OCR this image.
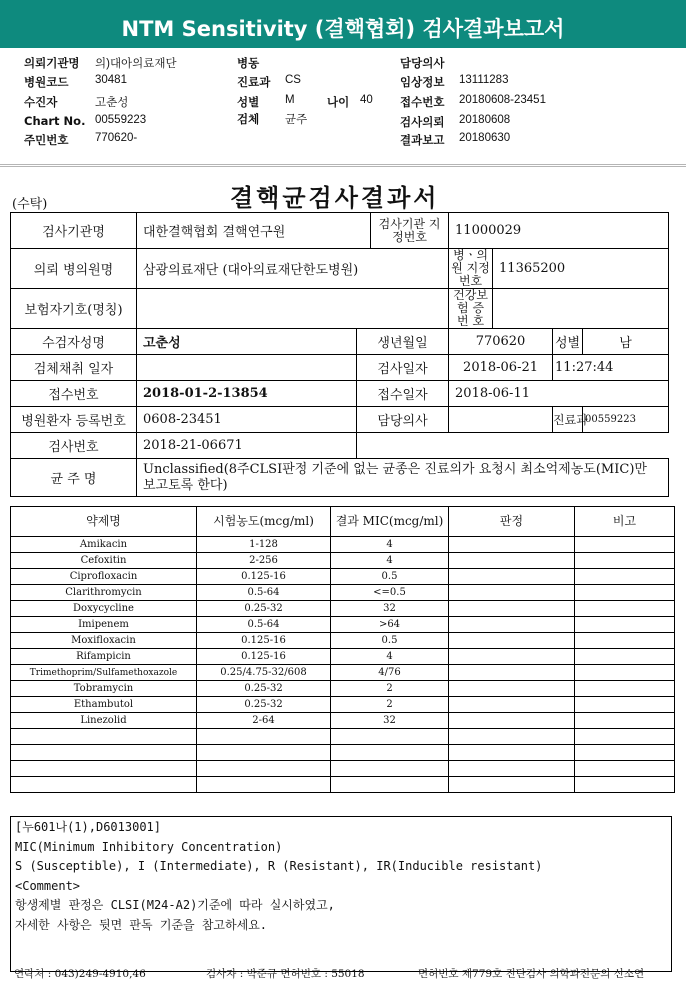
NTM Sensitivity (결핵협회) 검사결과보고서
의뢰기관명 의)대아의료재단	병동	담당의사
병원코드 30481	진료과 CS	임상정보 13111283
수진자	고춘성	성별 M	나이 40 접수번호 20180608-23451
Chart No. 00559223	검체 균주	검사의뢰 20180608
주민번호 770620-	결과보고 20180630
(수탁)	결핵균검사결과서
검사기관명	대한결핵협회 결핵연구원		검사기관 지정번호	11000029			
의뢰 병의원명	삼광의료재단 (대아의료재단한도병원)			병ㆍ의원 지정번호	11365200		
보험자기호(명칭)				건강보험 증 번 호			
수검자성명	고춘성	생년월일		770620		성별	남
검체채취 일자		검사일자		2018-06-21		11:27:44	
접수번호	2018-01-2-13854	접수일자		2018-06-11			
병원환자 등록번호	0608-23451	담당의사				진료과	00559223
검사번호	2018-21-06671						
균 주 명	Unclassified(8주CLSI판정 기준에 없는 균종은 진료의가 요청시 최소억제농도(MIC)만 보고토록 한다)						
약제명	시험농도(mcg/ml)	결과 MIC(mcg/ml)	판정	비고
Amikacin	1-128	4		
Cefoxitin	2-256	4		
Ciprofloxacin	0.125-16	0.5		
Clarithromycin	0.5-64	<=0.5		
Doxycycline	0.25-32	32		
Imipenem	0.5-64	>64		
Moxifloxacin	0.125-16	0.5		
Rifampicin	0.125-16	4		
Trimethoprim/Sulfamethoxazole	0.25/4.75-32/608	4/76		
Tobramycin	0.25-32	2		
Ethambutol	0.25-32	2		
Linezolid	2-64	32		

[누601나(1),D6013001]
MIC(Minimum Inhibitory Concentration)
S (Susceptible), I (Intermediate), R (Resistant), IR(Inducible resistant)
<Comment>
항생제별 판정은 CLSI(M24-A2)기준에 따라 실시하였고,
자세한 사항은 뒷면 판독 기준을 참고하세요.
연락처 : 043)249-4910,46	검사자 : 박준규 면허번호 : 55018	면허번호 제779호 진단검사 의학과전문의 신소연
